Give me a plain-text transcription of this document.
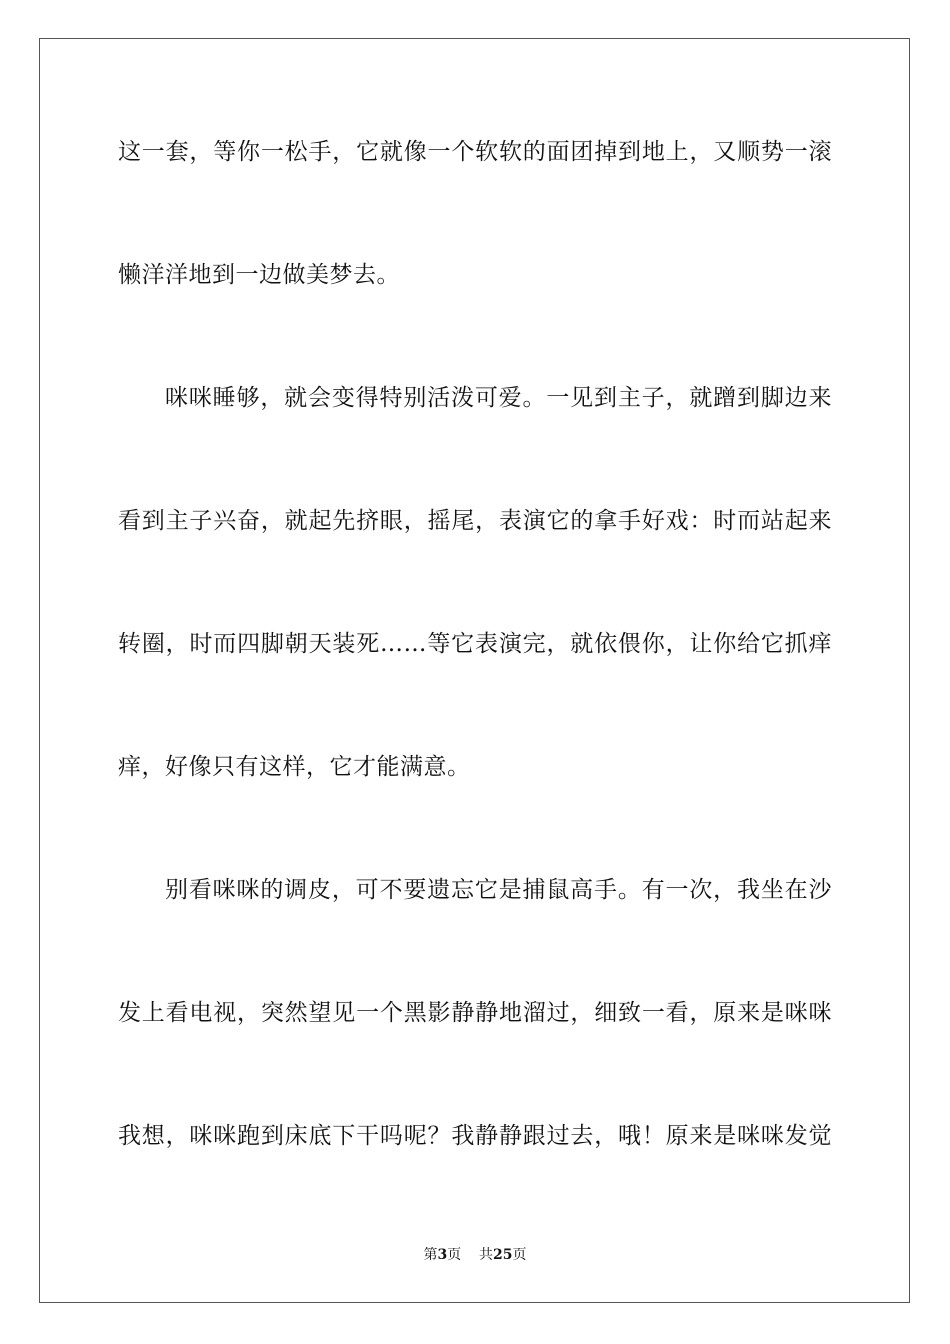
这一套，等你一松手，它就像一个软软的面团掉到地上，又顺势一滚
懒洋洋地到一边做美梦去。
咪咪睡够，就会变得特别活泼可爱。一见到主子，就蹭到脚边来
看到主子兴奋，就起先挤眼，摇尾，表演它的拿手好戏：时而站起来
转圈，时而四脚朝天装死……等它表演完，就依偎你，让你给它抓痒
痒，好像只有这样，它才能满意。
别看咪咪的调皮，可不要遗忘它是捕鼠高手。有一次，我坐在沙
发上看电视，突然望见一个黑影静静地溜过，细致一看，原来是咪咪
我想，咪咪跑到床底下干吗呢？我静静跟过去，哦！原来是咪咪发觉
第3页    共25页
